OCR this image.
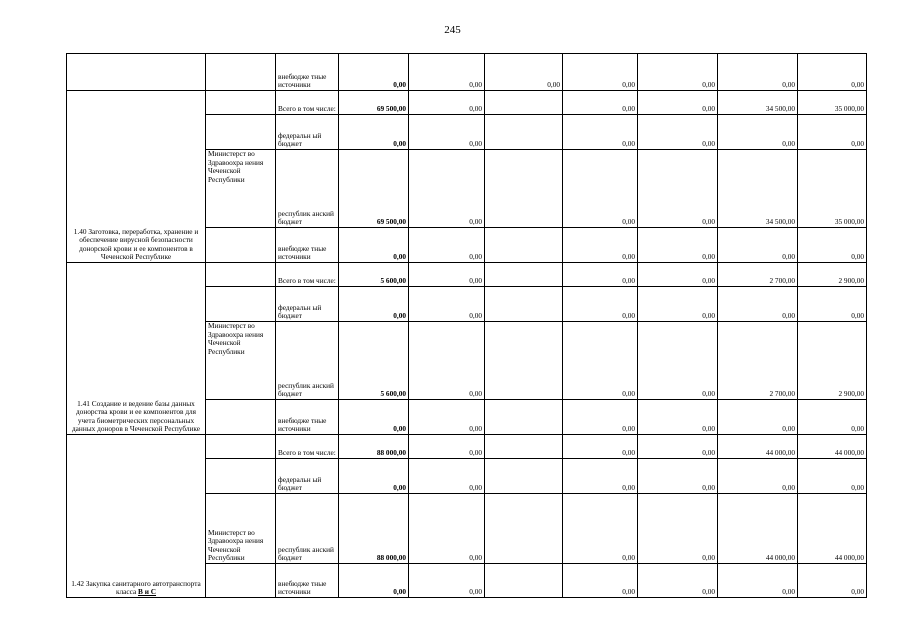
245
		внебюдже тные источники	0,00	0,00	0,00	0,00	0,00	0,00	0,00
1.40 Заготовка, переработка, хранение и обеспечение вирусной безопасности донорской крови и ее компонентов в Чеченской Республике		Всего в том числе:	69 500,00	0,00		0,00	0,00	34 500,00	35 000,00
		федеральн ый бюджет	0,00	0,00		0,00	0,00	0,00	0,00
	Министерст во Здравоохра нения Чеченской Республики	республик анский бюджет	69 500,00	0,00		0,00	0,00	34 500,00	35 000,00
		внебюдже тные источники	0,00	0,00		0,00	0,00	0,00	0,00
1.41 Создание и ведение базы данных донорства крови и ее компонентов для учета биометрических персональных данных доноров в Чеченской Республике		Всего в том числе:	5 600,00	0,00		0,00	0,00	2 700,00	2 900,00
		федеральн ый бюджет	0,00	0,00		0,00	0,00	0,00	0,00
	Министерст во Здравоохра нения Чеченской Республики	республик анский бюджет	5 600,00	0,00		0,00	0,00	2 700,00	2 900,00
		внебюдже тные источники	0,00	0,00		0,00	0,00	0,00	0,00
1.42 Закупка санитарного автотранспорта класса В и С		Всего в том числе:	88 000,00	0,00		0,00	0,00	44 000,00	44 000,00
		федеральн ый бюджет	0,00	0,00		0,00	0,00	0,00	0,00
	Министерст во Здравоохра нения Чеченской Республики	республик анский бюджет	88 000,00	0,00		0,00	0,00	44 000,00	44 000,00
		внебюдже тные источники	0,00	0,00		0,00	0,00	0,00	0,00
